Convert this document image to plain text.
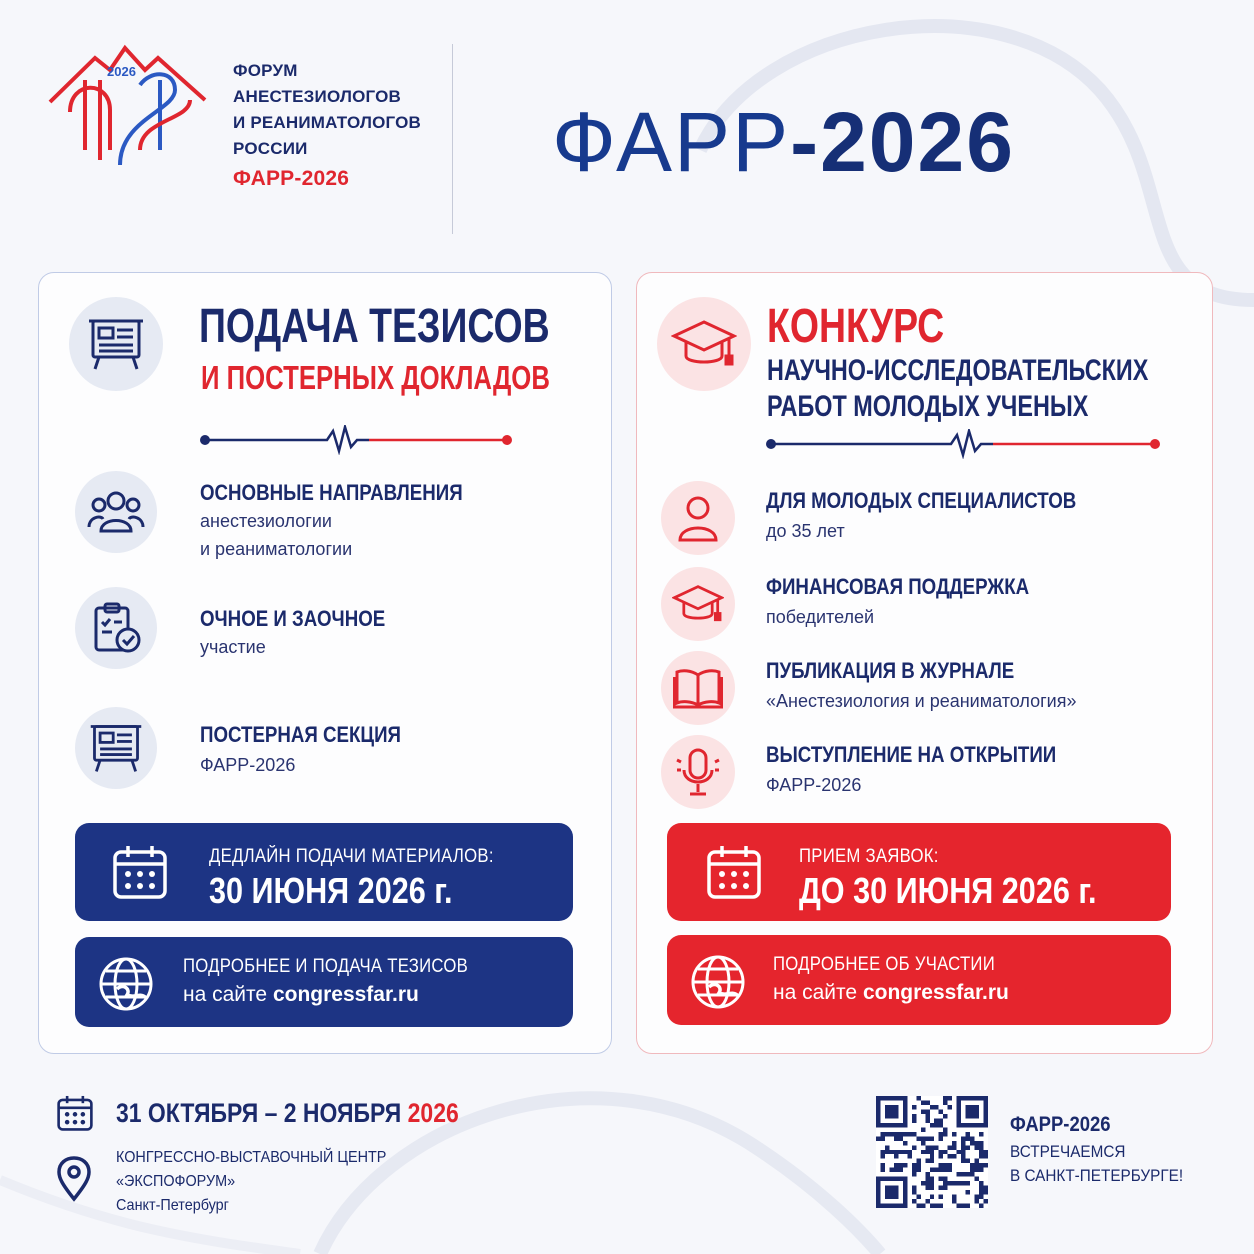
2026	ФОРУМ
АНЕСТЕЗИОЛОГОВ
И РЕАНИМАТОЛОГОВ
РОССИИ
ФАРР-2026	ФАРР-2026
ПОДАЧА ТЕЗИСОВ
И ПОСТЕРНЫХ ДОКЛАДОВ
ОСНОВНЫЕ НАПРАВЛЕНИЯ
анестезиологии
и реаниматологии
ОЧНОЕ И ЗАОЧНОЕ
участие
ПОСТЕРНАЯ СЕКЦИЯ
ФАРР-2026
ДЕДЛАЙН ПОДАЧИ МАТЕРИАЛОВ:
30 ИЮНЯ 2026 г.
ПОДРОБНЕЕ И ПОДАЧА ТЕЗИСОВ
на сайте congressfar.ru
КОНКУРС
НАУЧНО-ИССЛЕДОВАТЕЛЬСКИХ
РАБОТ МОЛОДЫХ УЧЕНЫХ
ДЛЯ МОЛОДЫХ СПЕЦИАЛИСТОВ
до 35 лет
ФИНАНСОВАЯ ПОДДЕРЖКА
победителей
ПУБЛИКАЦИЯ В ЖУРНАЛЕ
«Анестезиология и реаниматология»
ВЫСТУПЛЕНИЕ НА ОТКРЫТИИ
ФАРР-2026
ПРИЕМ ЗАЯВОК:
ДО 30 ИЮНЯ 2026 г.
ПОДРОБНЕЕ ОБ УЧАСТИИ
на сайте congressfar.ru
31 ОКТЯБРЯ – 2 НОЯБРЯ 2026
КОНГРЕССНО-ВЫСТАВОЧНЫЙ ЦЕНТР
«ЭКСПОФОРУМ»
Санкт-Петербург
ФАРР-2026
ВСТРЕЧАЕМСЯ
В САНКТ-ПЕТЕРБУРГЕ!
